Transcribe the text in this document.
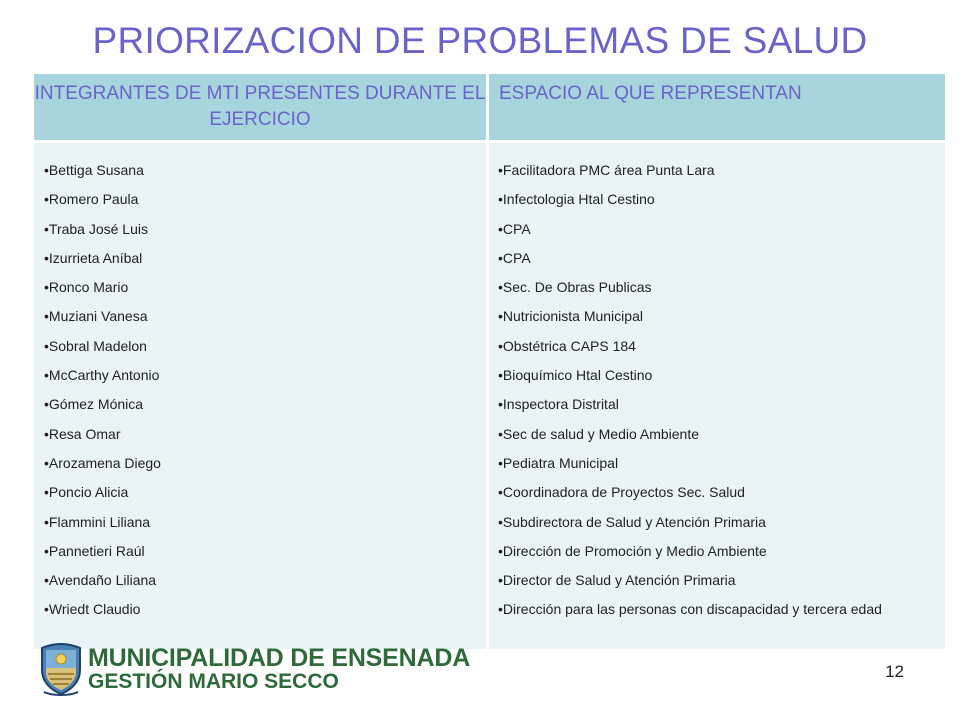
PRIORIZACION DE PROBLEMAS DE SALUD
INTEGRANTES DE MTI PRESENTES DURANTE EL EJERCICIO
ESPACIO AL QUE REPRESENTAN
• Bettiga Susana
• Romero Paula
• Traba José Luis
• Izurrieta Aníbal
• Ronco Mario
• Muziani Vanesa
• Sobral Madelon
• McCarthy Antonio
• Gómez Mónica
• Resa Omar
• Arozamena Diego
• Poncio Alicia
• Flammini Liliana
• Pannetieri Raúl
• Avendaño Liliana
• Wriedt Claudio
• Facilitadora PMC área Punta Lara
• Infectologia Htal Cestino
• CPA
• CPA
• Sec. De Obras Publicas
• Nutricionista Municipal
• Obstétrica CAPS 184
• Bioquímico Htal Cestino
• Inspectora Distrital
• Sec de salud y Medio Ambiente
• Pediatra Municipal
• Coordinadora de Proyectos Sec. Salud
• Subdirectora de Salud y Atención Primaria
• Dirección de Promoción y Medio Ambiente
• Director de Salud y Atención Primaria
• Dirección para las personas con discapacidad y tercera edad
MUNICIPALIDAD DE ENSENADA
GESTIÓN MARIO SECCO	12
